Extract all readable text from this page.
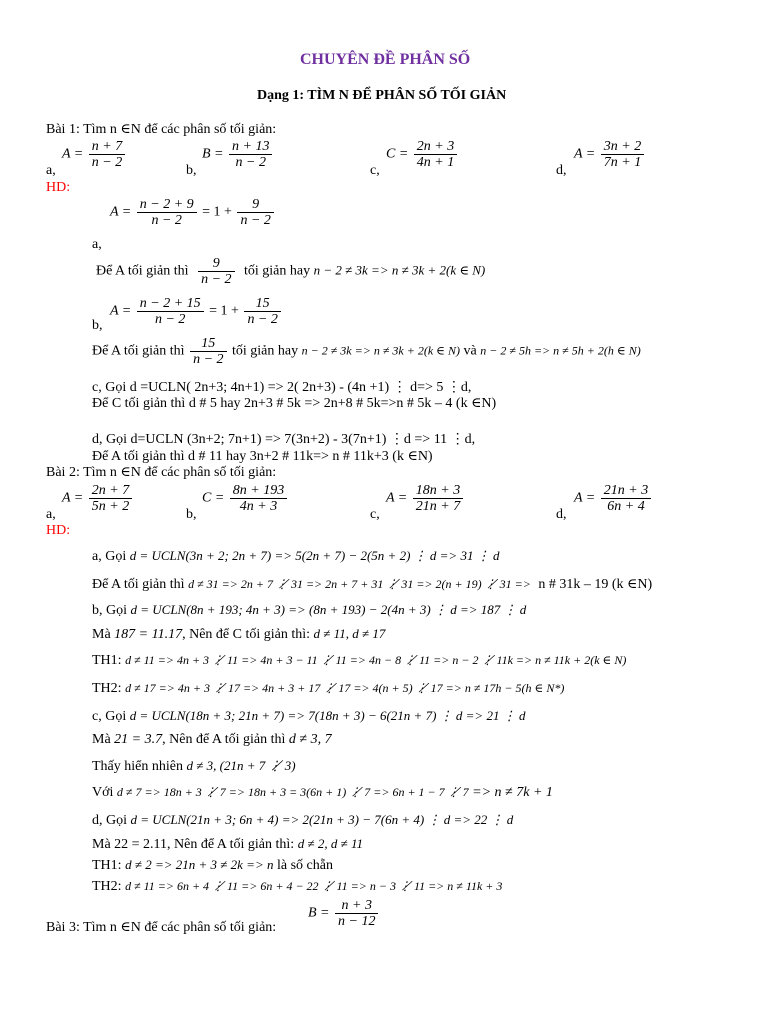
CHUYÊN ĐỀ PHÂN SỐ
Dạng 1: TÌM N ĐỂ PHÂN SỐ TỐI GIẢN
Bài 1: Tìm n ∈N để các phân số tối giản:
a,
$A = \frac{n + 7}{n - 2}$
b,
$B = \frac{n + 13}{n - 2}$
c,
$C = \frac{2n + 3}{4n + 1}$
d,
$A = \frac{3n + 2}{7n + 1}$
HD:
$A = \frac{n - 2 + 9}{n - 2} = 1 + \frac{9}{n - 2}$
a,
Để A tối giản thì $\frac{9}{n - 2}$ tối giản hay n − 2 ≠ 3k => n ≠ 3k + 2(k ∈ N)
b,
$A = \frac{n - 2 + 15}{n - 2} = 1 + \frac{15}{n - 2}$
Để A tối giản thì $\frac{15}{n - 2}$ tối giản hay n − 2 ≠ 3k => n ≠ 3k + 2(k ∈ N) và n − 2 ≠ 5h => n ≠ 5h + 2(h ∈ N)
c, Gọi d =UCLN( 2n+3; 4n+1) => 2( 2n+3) - (4n +1) ⋮ d=> 5 ⋮d,
Để C tối giản thì d # 5 hay 2n+3 # 5k => 2n+8 # 5k=>n # 5k – 4 (k ∈N)
d, Gọi d=UCLN (3n+2; 7n+1) => 7(3n+2) - 3(7n+1) ⋮d => 11 ⋮d,
Để A tối giản thì d # 11 hay 3n+2 # 11k=> n # 11k+3 (k ∈N)
Bài 2: Tìm n ∈N để các phân số tối giản:
a,
$A = \frac{2n + 7}{5n + 2}$
b,
$C = \frac{8n + 193}{4n + 3}$
c,
$A = \frac{18n + 3}{21n + 7}$
d,
$A = \frac{21n + 3}{6n + 4}$
HD:
a, Gọi d = UCLN(3n + 2; 2n + 7) => 5(2n + 7) − 2(5n + 2) ⋮ d => 31 ⋮ d
Để A tối giản thì d ≠ 31 => 2n + 7 ⋮̸ 31 => 2n + 7 + 31 ⋮̸ 31 => 2(n + 19) ⋮̸ 31 => n # 31k – 19 (k ∈N)
b, Gọi d = UCLN(8n + 193; 4n + 3) => (8n + 193) − 2(4n + 3) ⋮ d => 187 ⋮ d
Mà 187 = 11.17, Nên để C tối giản thì: d ≠ 11, d ≠ 17
TH1: d ≠ 11 => 4n + 3 ⋮̸ 11 => 4n + 3 − 11 ⋮̸ 11 => 4n − 8 ⋮̸ 11 => n − 2 ⋮̸ 11k => n ≠ 11k + 2(k ∈ N)
TH2: d ≠ 17 => 4n + 3 ⋮̸ 17 => 4n + 3 + 17 ⋮̸ 17 => 4(n + 5) ⋮̸ 17 => n ≠ 17h − 5(h ∈ N*)
c, Gọi d = UCLN(18n + 3; 21n + 7) => 7(18n + 3) − 6(21n + 7) ⋮ d => 21 ⋮ d
Mà 21 = 3.7, Nên để A tối giản thì d ≠ 3, 7
Thấy hiển nhiên d ≠ 3, (21n + 7 ⋮̸ 3)
Với d ≠ 7 => 18n + 3 ⋮̸ 7 => 18n + 3 = 3(6n + 1) ⋮̸ 7 => 6n + 1 − 7 ⋮̸ 7 => n ≠ 7k + 1
d, Gọi d = UCLN(21n + 3; 6n + 4) => 2(21n + 3) − 7(6n + 4) ⋮ d => 22 ⋮ d
Mà 22 = 2.11, Nên để A tối giản thì: d ≠ 2, d ≠ 11
TH1: d ≠ 2 => 21n + 3 ≠ 2k => n là số chẵn
TH2: d ≠ 11 => 6n + 4 ⋮̸ 11 => 6n + 4 − 22 ⋮̸ 11 => n − 3 ⋮̸ 11 => n ≠ 11k + 3
Bài 3: Tìm n ∈N để các phân số tối giản:
$B = \frac{n + 3}{n - 12}$
